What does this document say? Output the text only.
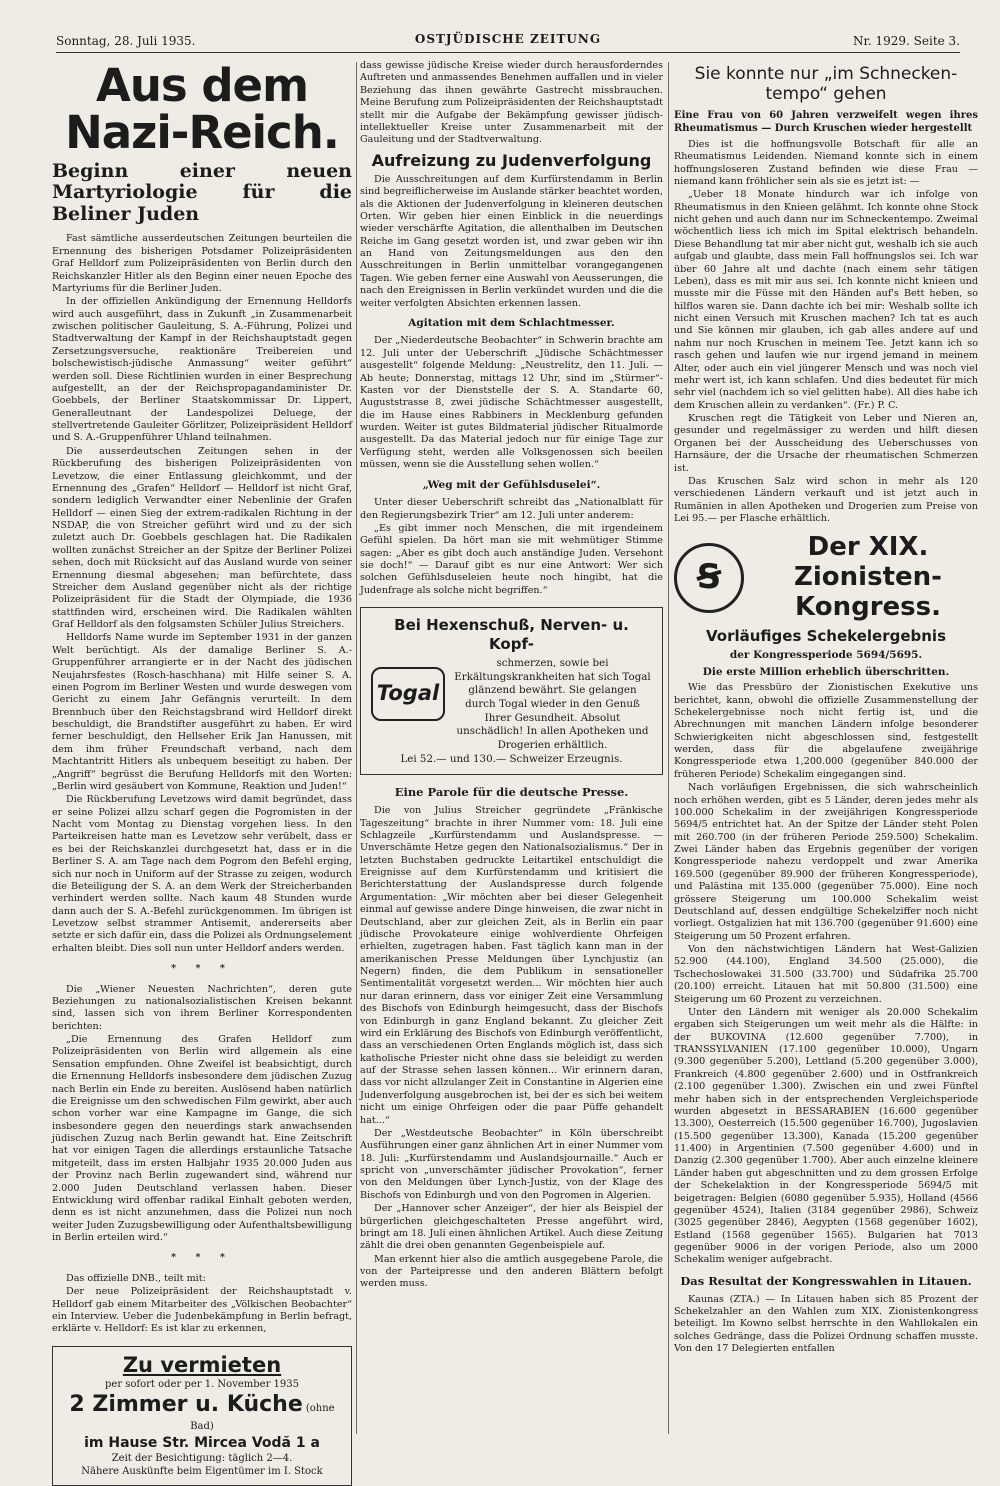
Sonntag, 28. Juli 1935.	OSTJÜDISCHE ZEITUNG	Nr. 1929. Seite 3.
Aus dem Nazi-Reich.
Beginn einer neuen Martyriologie für die Beliner Juden

Fast sämtliche ausserdeutschen Zeitungen beurteilen die Ernennung des bisherigen Potsdamer Polizeipräsidenten Graf Helldorf zum Polizeipräsidenten von Berlin durch den Reichskanzler Hitler als den Beginn einer neuen Epoche des Martyriums für die Berliner Juden.

In der offiziellen Ankündigung der Ernennung Helldorfs wird auch ausgeführt, dass in Zukunft „in Zusammenarbeit zwischen politischer Gauleitung, S. A.-Führung, Polizei und Stadtverwaltung der Kampf in der Reichshauptstadt gegen Zersetzungsversuche, reaktionäre Treibereien und bolschewistisch-jüdische Anmassung“ weiter geführt“ werden soll. Diese Richtlinien wurden in einer Besprechung aufgestellt, an der der Reichspropagandaminister Dr. Goebbels, der Berliner Staatskommissar Dr. Lippert, Generalleutnant der Landespolizei Deluege, der stellvertretende Gauleiter Görlitzer, Polizeipräsident Helldorf und S. A.-Gruppenführer Uhland teilnahmen.

Die ausserdeutschen Zeitungen sehen in der Rückberufung des bisherigen Polizeipräsidenten von Levetzow, die einer Entlassung gleichkommt, und der Ernennung des „Grafen“ Helldorf — Helldorf ist nicht Graf, sondern lediglich Verwandter einer Nebenlinie der Grafen Helldorf — einen Sieg der extrem-radikalen Richtung in der NSDAP, die von Streicher geführt wird und zu der sich zuletzt auch Dr. Goebbels geschlagen hat. Die Radikalen wollten zunächst Streicher an der Spitze der Berliner Polizei sehen, doch mit Rücksicht auf das Ausland wurde von seiner Ernennung diesmal abgesehen; man befürchtete, dass Streicher dem Ausland gegenüber nicht als der richtige Polizeipräsident für die Stadt der Olympiade, die 1936 stattfinden wird, erscheinen wird. Die Radikalen wählten Graf Helldorf als den folgsamsten Schüler Julius Streichers.

Helldorfs Name wurde im September 1931 in der ganzen Welt berüchtigt. Als der damalige Berliner S. A.-Gruppenführer arrangierte er in der Nacht des jüdischen Neujahrsfestes (Rosch-haschhana) mit Hilfe seiner S. A. einen Pogrom im Berliner Westen und wurde deswegen vom Gericht zu einem Jahr Gefängnis verurteilt. In dem Brennbuch über den Reichstagsbrand wird Helldorf direkt beschuldigt, die Brandstifter ausgeführt zu haben. Er wird ferner beschuldigt, den Hellseher Erik Jan Hanussen, mit dem ihm früher Freundschaft verband, nach dem Machtantritt Hitlers als unbequem beseitigt zu haben. Der „Angriff“ begrüsst die Berufung Helldorfs mit den Worten: „Berlin wird gesäubert von Kommune, Reaktion und Juden!“

Die Rückberufung Levetzows wird damit begründet, dass er seine Polizei allzu scharf gegen die Pogromisten in der Nacht vom Montag zu Dienstag vorgehen liess. In den Parteikreisen hatte man es Levetzow sehr verübelt, dass er es bei der Reichskanzlei durchgesetzt hat, dass er in die Berliner S. A. am Tage nach dem Pogrom den Befehl erging, sich nur noch in Uniform auf der Strasse zu zeigen, wodurch die Beteiligung der S. A. an dem Werk der Streicherbanden verhindert werden sollte. Nach kaum 48 Stunden wurde dann auch der S. A.-Befehl zurückgenommen. Im übrigen ist Levetzow selbst strammer Antisemit, andererseits aber setzte er sich dafür ein, dass die Polizei als Ordnungselement erhalten bleibt. Dies soll nun unter Helldorf anders werden.

* * *

Die „Wiener Neuesten Nachrichten“, deren gute Beziehungen zu nationalsozialistischen Kreisen bekannt sind, lassen sich von ihrem Berliner Korrespondenten berichten:

„Die Ernennung des Grafen Helldorf zum Polizeipräsidenten von Berlin wird allgemein als eine Sensation empfunden. Ohne Zweifel ist beabsichtigt, durch die Ernennung Helldorfs insbesondere dem jüdischen Zuzug nach Berlin ein Ende zu bereiten. Auslösend haben natürlich die Ereignisse um den schwedischen Film gewirkt, aber auch schon vorher war eine Kampagne im Gange, die sich insbesondere gegen den neuerdings stark anwachsenden jüdischen Zuzug nach Berlin gewandt hat. Eine Zeitschrift hat vor einigen Tagen die allerdings erstaunliche Tatsache mitgeteilt, dass im ersten Halbjahr 1935 20.000 Juden aus der Provinz nach Berlin zugewandert sind, während nur 2.000 Juden Deutschland verlassen haben. Dieser Entwicklung wird offenbar radikal Einhalt geboten werden, denn es ist nicht anzunehmen, dass die Polizei nun noch weiter Juden Zuzugsbewilligung oder Aufenthaltsbewilligung in Berlin erteilen wird.“

* * *

Das offizielle DNB., teilt mit:

Der neue Polizeipräsident der Reichshauptstadt v. Helldorf gab einem Mitarbeiter des „Völkischen Beobachter“ ein Interview. Ueber die Judenbekämpfung in Berlin befragt, erklärte v. Helldorf: Es ist klar zu erkennen,

Zu vermieten
per sofort oder per 1. November 1935
2 Zimmer u. Küche (ohne Bad)
im Hause Str. Mircea Vodă 1 a
Zeit der Besichtigung: täglich 2—4.
Nähere Auskünfte beim Eigentümer im I. Stock

dass gewisse jüdische Kreise wieder durch herausforderndes Auftreten und anmassendes Benehmen auffallen und in vieler Beziehung das ihnen gewährte Gastrecht missbrauchen. Meine Berufung zum Polizeipräsidenten der Reichshauptstadt stellt mir die Aufgabe der Bekämpfung gewisser jüdisch-intellektueller Kreise unter Zusammenarbeit mit der Gauleitung und der Stadtverwaltung.

Aufreizung zu Judenverfolgung

Die Ausschreitungen auf dem Kurfürstendamm in Berlin sind begreiflicherweise im Auslande stärker beachtet worden, als die Aktionen der Judenverfolgung in kleineren deutschen Orten. Wir geben hier einen Einblick in die neuerdings wieder verschärfte Agitation, die allenthalben im Deutschen Reiche im Gang gesetzt worden ist, und zwar geben wir ihn an Hand von Zeitungsmeldungen aus den den Ausschreitungen in Berlin unmittelbar vorangegangenen Tagen. Wie geben ferner eine Auswahl von Aeusserungen, die nach den Ereignissen in Berlin verkündet wurden und die die weiter verfolgten Absichten erkennen lassen.

Agitation mit dem Schlachtmesser.

Der „Niederdeutsche Beobachter“ in Schwerin brachte am 12. Juli unter der Ueberschrift „Jüdische Schächtmesser ausgestellt“ folgende Meldung: „Neustrelitz, den 11. Juli. — Ab heute; Donnerstag, mittags 12 Uhr, sind im „Stürmer“-Kasten vor der Dienststelle der S. A. Standarte 60, Auguststrasse 8, zwei jüdische Schächtmesser ausgestellt, die im Hause eines Rabbiners in Mecklenburg gefunden wurden. Weiter ist gutes Bildmaterial jüdischer Ritualmorde ausgestellt. Da das Material jedoch nur für einige Tage zur Verfügung steht, werden alle Volksgenossen sich beeilen müssen, wenn sie die Ausstellung sehen wollen.“

„Weg mit der Gefühlsduselei“.

Unter dieser Ueberschrift schreibt das „Nationalblatt für den Regierungsbezirk Trier“ am 12. Juli unter anderem:

„Es gibt immer noch Menschen, die mit irgendeinem Gefühl spielen. Da hört man sie mit wehmütiger Stimme sagen: „Aber es gibt doch auch anständige Juden. Versehont sie doch!“ — Darauf gibt es nur eine Antwort: Wer sich solchen Gefühlsduseleien heute noch hingibt, hat die Judenfrage als solche nicht begriffen.“

Bei Hexenschuß, Nerven- u. Kopf-
Togal
schmerzen, sowie bei Erkältungskrankheiten hat sich Togal glänzend bewährt. Sie gelangen durch Togal wieder in den Genuß Ihrer Gesundheit. Absolut unschädlich! In allen Apotheken und Drogerien erhältlich.
Lei 52.— und 130.— Schweizer Erzeugnis.
Eine Parole für die deutsche Presse.

Die von Julius Streicher gegründete „Fränkische Tageszeitung“ brachte in ihrer Nummer vom: 18. Juli eine Schlagzeile „Kurfürstendamm und Auslandspresse. — Unverschämte Hetze gegen den Nationalsozialismus.“ Der in letzten Buchstaben gedruckte Leitartikel entschuldigt die Ereignisse auf dem Kurfürstendamm und kritisiert die Berichterstattung der Auslandspresse durch folgende Argumentation: „Wir möchten aber bei dieser Gelegenheit einmal auf gewisse andere Dinge hinweisen, die zwar nicht in Deutschland, aber zur gleichen Zeit, als in Berlin ein paar jüdische Provokateure einige wohlverdiente Ohrfeigen erhielten, zugetragen haben. Fast täglich kann man in der amerikanischen Presse Meldungen über Lynchjustiz (an Negern) finden, die dem Publikum in sensationeller Sentimentalität vorgesetzt werden... Wir möchten hier auch nur daran erinnern, dass vor einiger Zeit eine Versammlung des Bischofs von Edinburgh heimgesucht, dass der Bischofs von Edinburgh in ganz England bekannt. Zu gleicher Zeit wird ein Erklärung des Bischofs von Edinburgh veröffentlicht, dass an verschiedenen Orten Englands möglich ist, dass sich katholische Priester nicht ohne dass sie beleidigt zu werden auf der Strasse sehen lassen können... Wir erinnern daran, dass vor nicht allzulanger Zeit in Constantine in Algerien eine Judenverfolgung ausgebrochen ist, bei der es sich bei weitem nicht um einige Ohrfeigen oder die paar Püffe gehandelt hat...“

Der „Westdeutsche Beobachter“ in Köln überschreibt Ausführungen einer ganz ähnlichen Art in einer Nummer vom 18. Juli: „Kurfürstendamm und Auslandsjournaille.“ Auch er spricht von „unverschämter jüdischer Provokation“, ferner von den Meldungen über Lynch-Justiz, von der Klage des Bischofs von Edinburgh und von den Pogromen in Algerien.

Der „Hannover scher Anzeiger“, der hier als Beispiel der bürgerlichen gleichgeschalteten Presse angeführt wird, bringt am 18. Juli einen ähnlichen Artikel. Auch diese Zeitung zählt die drei oben genannten Gegenbeispiele auf.

Man erkennt hier also die amtlich ausgegebene Parole, die von der Parteipresse und den anderen Blättern befolgt werden muss.

Sie konnte nur „im Schneckentempo“ gehen
Eine Frau von 60 Jahren verzweifelt wegen ihres Rheumatismus — Durch Kruschen wieder hergestellt

Dies ist die hoffnungsvolle Botschaft für alle an Rheumatismus Leidenden. Niemand konnte sich in einem hoffnungsloseren Zustand befinden wie diese Frau — niemand kann fröhlicher sein als sie es jetzt ist: —

„Ueber 18 Monate hindurch war ich infolge von Rheumatismus in den Knieen gelähmt. Ich konnte ohne Stock nicht gehen und auch dann nur im Schneckentempo. Zweimal wöchentlich liess ich mich im Spital elektrisch behandeln. Diese Behandlung tat mir aber nicht gut, weshalb ich sie auch aufgab und glaubte, dass mein Fall hoffnungslos sei. Ich war über 60 Jahre alt und dachte (nach einem sehr tätigen Leben), dass es mit mir aus sei. Ich konnte nicht knieen und musste mir die Füsse mit den Händen auf's Bett heben, so hilflos waren sie. Dann dachte ich bei mir: Weshalb sollte ich nicht einen Versuch mit Kruschen machen? Ich tat es auch und Sie können mir glauben, ich gab alles andere auf und nahm nur noch Kruschen in meinem Tee. Jetzt kann ich so rasch gehen und laufen wie nur irgend jemand in meinem Alter, oder auch ein viel jüngerer Mensch und was noch viel mehr wert ist, ich kann schlafen. Und dies bedeutet für mich sehr viel (nachdem ich so viel gelitten habe). All dies habe ich dem Kruschen allein zu verdanken“. (Fr.) P. C.

Kruschen regt die Tätigkeit von Leber und Nieren an, gesunder und regelmässiger zu werden und hilft diesen Organen bei der Ausscheidung des Ueberschusses von Harnsäure, der die Ursache der rheumatischen Schmerzen ist.

Das Kruschen Salz wird schon in mehr als 120 verschiedenen Ländern verkauft und ist jetzt auch in Rumänien in allen Apotheken und Drogerien zum Preise von Lei 95.— per Flasche erhältlich.

Ꞩ
Der XIX. Zionisten-Kongress.
Vorläufiges Schekelergebnis
der Kongressperiode 5694/5695.
Die erste Million erheblich überschritten.

Wie das Pressbüro der Zionistischen Exekutive uns berichtet, kann, obwohl die offizielle Zusammenstellung der Schekelergebnisse noch nicht fertig ist, und die Abrechnungen mit manchen Ländern infolge besonderer Schwierigkeiten nicht abgeschlossen sind, festgestellt werden, dass für die abgelaufene zweijährige Kongressperiode etwa 1,200.000 (gegenüber 840.000 der früheren Periode) Schekalim eingegangen sind.

Nach vorläufigen Ergebnissen, die sich wahrscheinlich noch erhöhen werden, gibt es 5 Länder, deren jedes mehr als 100.000 Schekalim in der zweijährigen Kongressperiode 5694/5 entrichtet hat. An der Spitze der Länder steht Polen mit 260.700 (in der früheren Periode 259.500) Schekalim. Zwei Länder haben das Ergebnis gegenüber der vorigen Kongressperiode nahezu verdoppelt und zwar Amerika 169.500 (gegenüber 89.900 der früheren Kongressperiode), und Palästina mit 135.000 (gegenüber 75.000). Eine noch grössere Steigerung um 100.000 Schekalim weist Deutschland auf, dessen endgültige Schekelziffer noch nicht vorliegt. Ostgalizien hat mit 136.700 (gegenüber 91.600) eine Steigerung um 50 Prozent erfahren.

Von den nächstwichtigen Ländern hat West-Galizien 52.900 (44.100), England 34.500 (25.000), die Tschechoslowakei 31.500 (33.700) und Südafrika 25.700 (20.100) erreicht. Litauen hat mit 50.800 (31.500) eine Steigerung um 60 Prozent zu verzeichnen.

Unter den Ländern mit weniger als 20.000 Schekalim ergaben sich Steigerungen um weit mehr als die Hälfte: in der BUKOVINA (12.600 gegenüber 7.700), in TRANSSYLVANIEN (17.100 gegenüber 10.000), Ungarn (9.300 gegenüber 5.200), Lettland (5.200 gegenüber 3.000), Frankreich (4.800 gegenüber 2.600) und in Ostfrankreich (2.100 gegenüber 1.300). Zwischen ein und zwei Fünftel mehr haben sich in der entsprechenden Vergleichsperiode wurden abgesetzt in BESSARABIEN (16.600 gegenüber 13.300), Oesterreich (15.500 gegenüber 16.700), Jugoslavien (15.500 gegenüber 13.300), Kanada (15.200 gegenüber 11.400) in Argentinien (7.500 gegenüber 4.600) und in Danzig (2.300 gegenüber 1.700). Aber auch einzelne kleinere Länder haben gut abgeschnitten und zu dem grossen Erfolge der Schekelaktion in der Kongressperiode 5694/5 mit beigetragen: Belgien (6080 gegenüber 5.935), Holland (4566 gegenüber 4524), Italien (3184 gegenüber 2986), Schweiz (3025 gegenüber 2846), Aegypten (1568 gegenüber 1602), Estland (1568 gegenüber 1565). Bulgarien hat 7013 gegenüber 9006 in der vorigen Periode, also um 2000 Schekalim weniger aufgebracht.

Das Resultat der Kongresswahlen in Litauen.

Kaunas (ZTA.) — In Litauen haben sich 85 Prozent der Schekelzahler an den Wahlen zum XIX. Zionistenkongress beteiligt. Im Kowno selbst herrschte in den Wahllokalen ein solches Gedränge, dass die Polizei Ordnung schaffen musste. Von den 17 Delegierten entfallen
